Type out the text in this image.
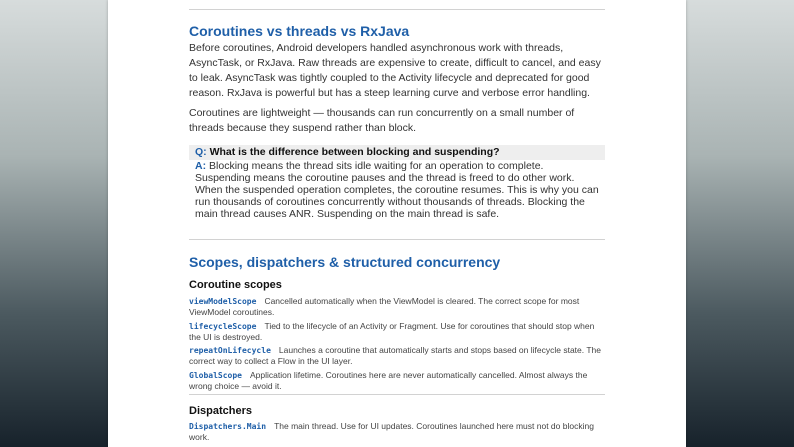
Coroutines vs threads vs RxJava

Before coroutines, Android developers handled asynchronous work with threads, AsyncTask, or RxJava. Raw threads are expensive to create, difficult to cancel, and easy to leak. AsyncTask was tightly coupled to the Activity lifecycle and deprecated for good reason. RxJava is powerful but has a steep learning curve and verbose error handling.

Coroutines are lightweight — thousands can run concurrently on a small number of threads because they suspend rather than block.

Q: What is the difference between blocking and suspending?

A: Blocking means the thread sits idle waiting for an operation to complete. Suspending means the coroutine pauses and the thread is freed to do other work. When the suspended operation completes, the coroutine resumes. This is why you can run thousands of coroutines concurrently without thousands of threads. Blocking the main thread causes ANR. Suspending on the main thread is safe.

Scopes, dispatchers & structured concurrency
Coroutine scopes

viewModelScope Cancelled automatically when the ViewModel is cleared. The correct scope for most ViewModel coroutines.

lifecycleScope Tied to the lifecycle of an Activity or Fragment. Use for coroutines that should stop when the UI is destroyed.

repeatOnLifecycle Launches a coroutine that automatically starts and stops based on lifecycle state. The correct way to collect a Flow in the UI layer.

GlobalScope Application lifetime. Coroutines here are never automatically cancelled. Almost always the wrong choice — avoid it.

Dispatchers

Dispatchers.Main The main thread. Use for UI updates. Coroutines launched here must not do blocking work.
